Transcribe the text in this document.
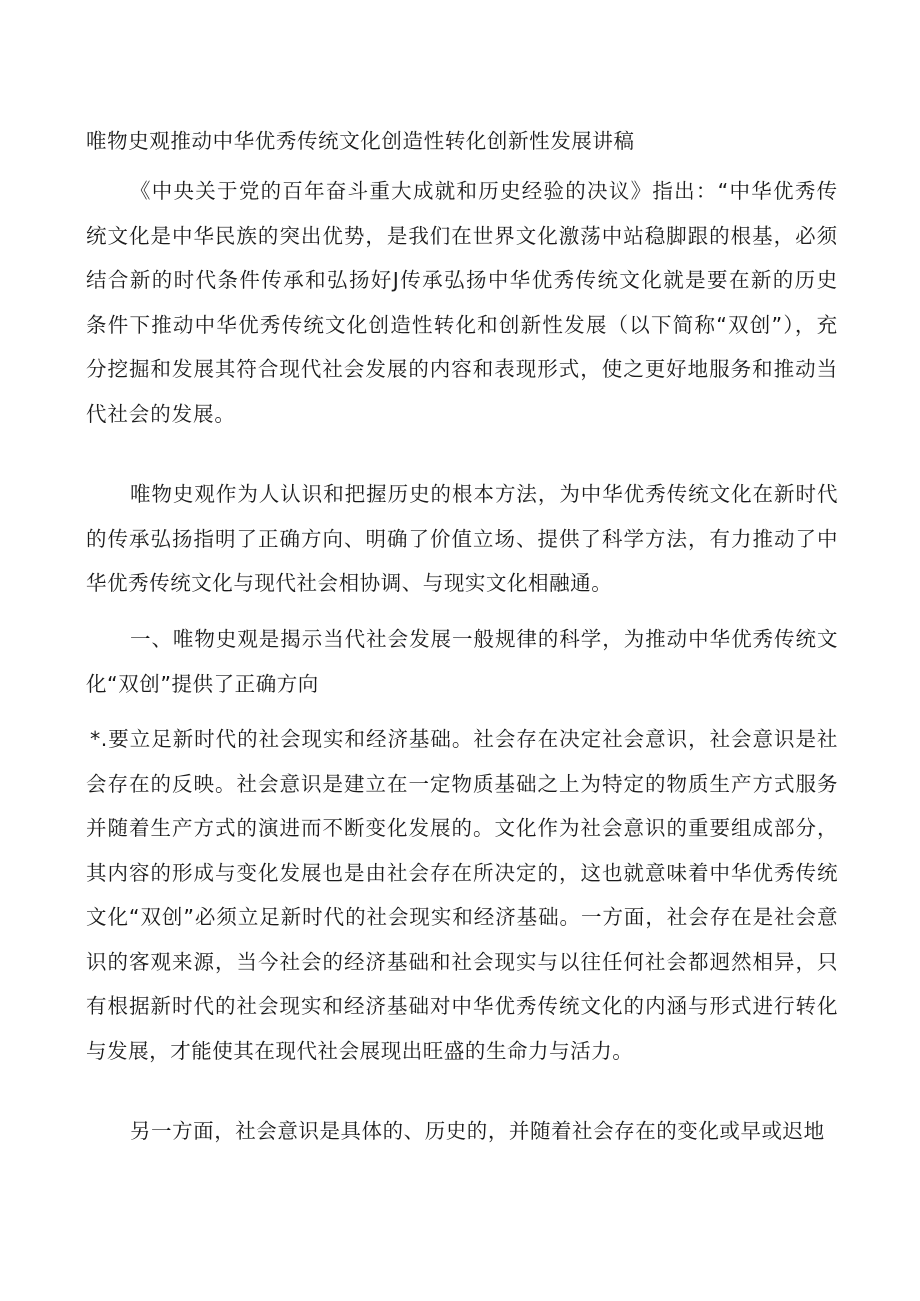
唯物史观推动中华优秀传统文化创造性转化创新性发展讲稿
《中央关于党的百年奋斗重大成就和历史经验的决议》指出：“中华优秀传统文化是中华民族的突出优势，是我们在世界文化激荡中站稳脚跟的根基，必须结合新的时代条件传承和弘扬好J传承弘扬中华优秀传统文化就是要在新的历史条件下推动中华优秀传统文化创造性转化和创新性发展（以下简称“双创”），充分挖掘和发展其符合现代社会发展的内容和表现形式，使之更好地服务和推动当代社会的发展。
唯物史观作为人认识和把握历史的根本方法，为中华优秀传统文化在新时代的传承弘扬指明了正确方向、明确了价值立场、提供了科学方法，有力推动了中华优秀传统文化与现代社会相协调、与现实文化相融通。
一、唯物史观是揭示当代社会发展一般规律的科学，为推动中华优秀传统文化“双创”提供了正确方向
*.要立足新时代的社会现实和经济基础。社会存在决定社会意识，社会意识是社会存在的反映。社会意识是建立在一定物质基础之上为特定的物质生产方式服务并随着生产方式的演进而不断变化发展的。文化作为社会意识的重要组成部分，其内容的形成与变化发展也是由社会存在所决定的，这也就意味着中华优秀传统文化“双创”必须立足新时代的社会现实和经济基础。一方面，社会存在是社会意识的客观来源，当今社会的经济基础和社会现实与以往任何社会都迥然相异，只有根据新时代的社会现实和经济基础对中华优秀传统文化的内涵与形式进行转化与发展，才能使其在现代社会展现出旺盛的生命力与活力。
另一方面，社会意识是具体的、历史的，并随着社会存在的变化或早或迟地
